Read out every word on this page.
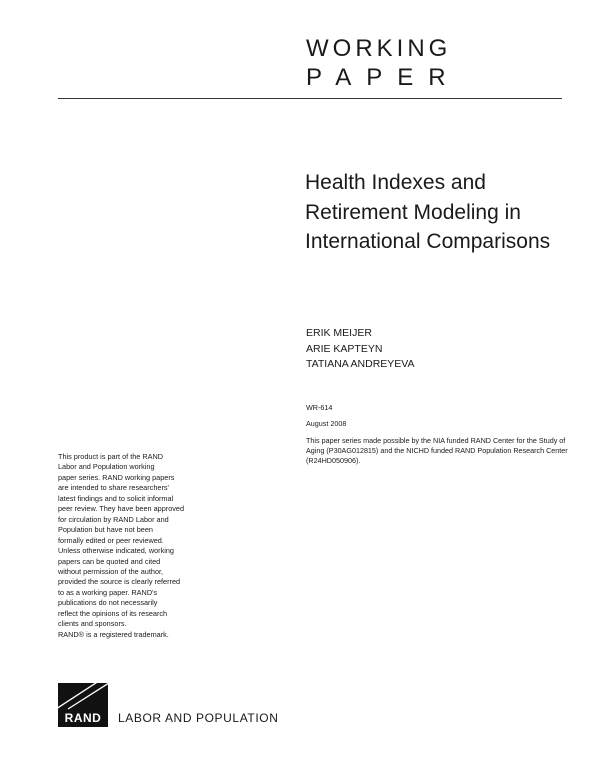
WORKING
PAPER
Health Indexes and
Retirement Modeling in
International Comparisons
ERIK MEIJER
ARIE KAPTEYN
TATIANA ANDREYEVA
WR-614
August 2008
This paper series made possible by the NIA funded RAND Center for the Study of Aging (P30AG012815) and the NICHD funded RAND Population Research Center (R24HD050906).
This product is part of the RAND
Labor and Population working
paper series. RAND working papers
are intended to share researchers'
latest findings and to solicit informal
peer review. They have been approved
for circulation by RAND Labor and
Population but have not been
formally edited or peer reviewed.
Unless otherwise indicated, working
papers can be quoted and cited
without permission of the author,
provided the source is clearly referred
to as a working paper. RAND's
publications do not necessarily
reflect the opinions of its research
clients and sponsors.
RAND® is a registered trademark.
RAND	LABOR AND POPULATION
